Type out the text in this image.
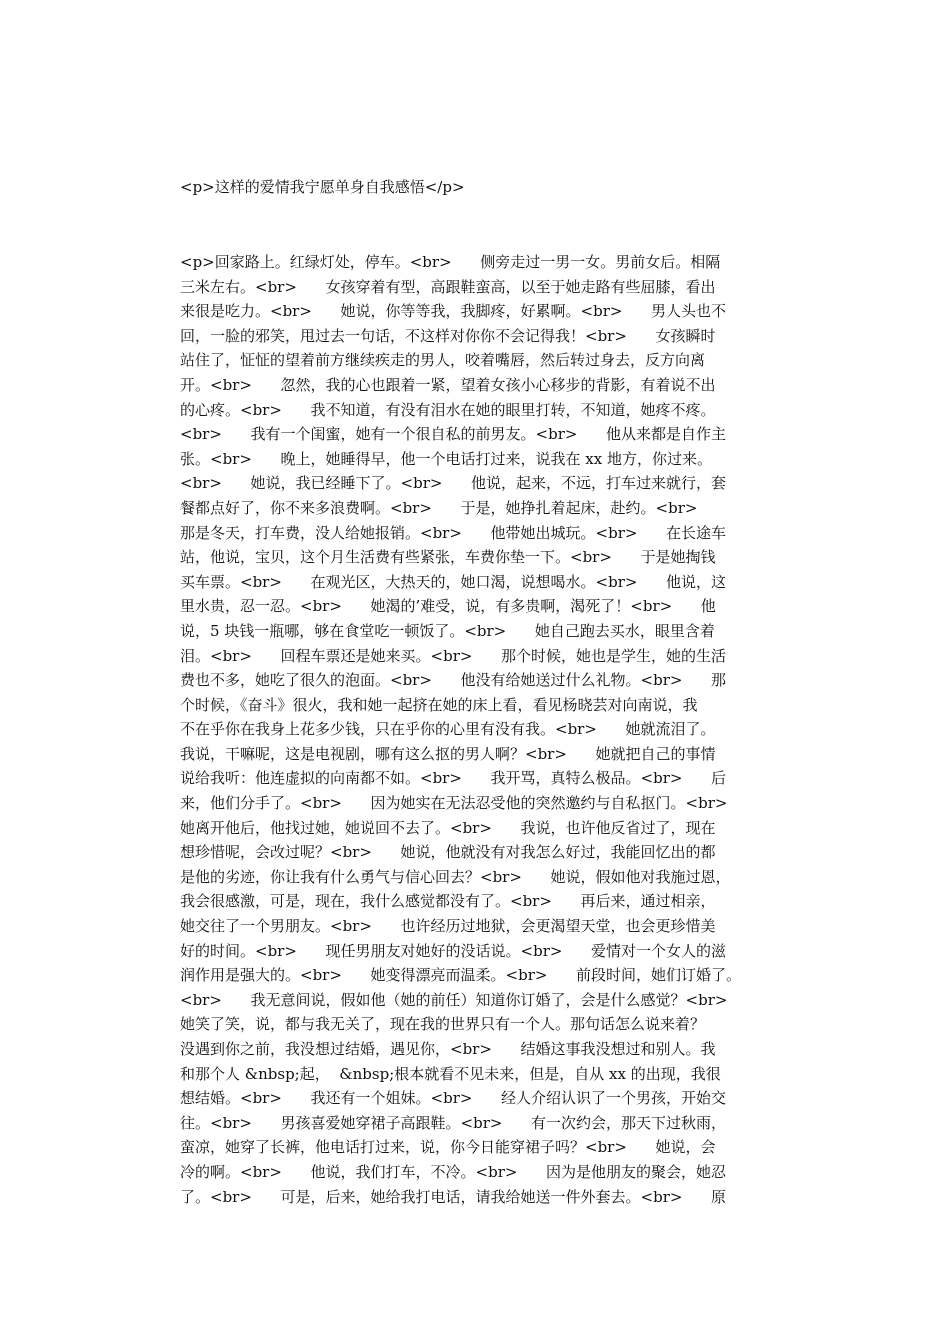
<p>这样的爱情我宁愿单身自我感悟</p>
<p>回家路上。红绿灯处，停车。<br>      侧旁走过一男一女。男前女后。相隔
三米左右。<br>      女孩穿着有型，高跟鞋蛮高，以至于她走路有些屈膝，看出
来很是吃力。<br>      她说，你等等我，我脚疼，好累啊。<br>      男人头也不
回，一脸的邪笑，甩过去一句话，不这样对你你不会记得我！<br>      女孩瞬时
站住了，怔怔的望着前方继续疾走的男人，咬着嘴唇，然后转过身去，反方向离
开。<br>      忽然，我的心也跟着一紧，望着女孩小心移步的背影，有着说不出
的心疼。<br>      我不知道，有没有泪水在她的眼里打转，不知道，她疼不疼。
<br>      我有一个闺蜜，她有一个很自私的前男友。<br>      他从来都是自作主
张。<br>      晚上，她睡得早，他一个电话打过来，说我在 xx 地方，你过来。
<br>      她说，我已经睡下了。<br>      他说，起来，不远，打车过来就行，套
餐都点好了，你不来多浪费啊。<br>      于是，她挣扎着起床，赴约。<br>
那是冬天，打车费，没人给她报销。<br>      他带她出城玩。<br>      在长途车
站，他说，宝贝，这个月生活费有些紧张，车费你垫一下。<br>      于是她掏钱
买车票。<br>      在观光区，大热天的，她口渴，说想喝水。<br>      他说，这
里水贵，忍一忍。<br>      她渴的’难受，说，有多贵啊，渴死了！<br>      他
说，5 块钱一瓶哪，够在食堂吃一顿饭了。<br>      她自己跑去买水，眼里含着
泪。<br>      回程车票还是她来买。<br>      那个时候，她也是学生，她的生活
费也不多，她吃了很久的泡面。<br>      他没有给她送过什么礼物。<br>      那
个时候，《奋斗》很火，我和她一起挤在她的床上看，看见杨晓芸对向南说，我
不在乎你在我身上花多少钱，只在乎你的心里有没有我。<br>      她就流泪了。
我说，干嘛呢，这是电视剧，哪有这么抠的男人啊？<br>      她就把自己的事情
说给我听：他连虚拟的向南都不如。<br>      我开骂，真特么极品。<br>      后
来，他们分手了。<br>      因为她实在无法忍受他的突然邀约与自私抠门。<br>
她离开他后，他找过她，她说回不去了。<br>      我说，也许他反省过了，现在
想珍惜呢，会改过呢？<br>      她说，他就没有对我怎么好过，我能回忆出的都
是他的劣迹，你让我有什么勇气与信心回去？<br>      她说，假如他对我施过恩，
我会很感激，可是，现在，我什么感觉都没有了。<br>      再后来，通过相亲，
她交往了一个男朋友。<br>      也许经历过地狱，会更渴望天堂，也会更珍惜美
好的时间。<br>      现任男朋友对她好的没话说。<br>      爱情对一个女人的滋
润作用是强大的。<br>      她变得漂亮而温柔。<br>      前段时间，她们订婚了。
<br>      我无意间说，假如他（她的前任）知道你订婚了，会是什么感觉？<br>
她笑了笑，说，都与我无关了，现在我的世界只有一个人。那句话怎么说来着？
没遇到你之前，我没想过结婚，遇见你，<br>      结婚这事我没想过和别人。我
和那个人 &nbsp;起，  &nbsp;根本就看不见未来，但是，自从 xx 的出现，我很
想结婚。<br>      我还有一个姐妹。<br>      经人介绍认识了一个男孩，开始交
往。<br>      男孩喜爱她穿裙子高跟鞋。<br>      有一次约会，那天下过秋雨，
蛮凉，她穿了长裤，他电话打过来，说，你今日能穿裙子吗？<br>      她说，会
冷的啊。<br>      他说，我们打车，不冷。<br>      因为是他朋友的聚会，她忍
了。<br>      可是，后来，她给我打电话，请我给她送一件外套去。<br>      原
